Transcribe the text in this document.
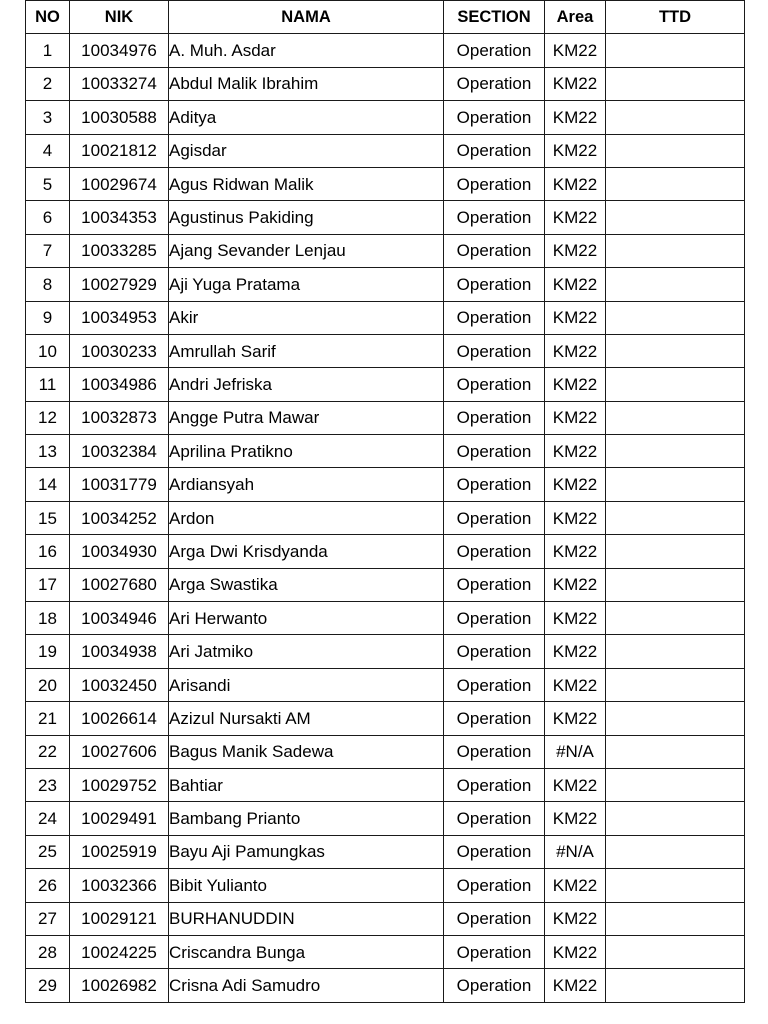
NO	NIK	NAMA	SECTION	Area	TTD
1	10034976	A. Muh. Asdar	Operation	KM22	
2	10033274	Abdul Malik Ibrahim	Operation	KM22	
3	10030588	Aditya	Operation	KM22	
4	10021812	Agisdar	Operation	KM22	
5	10029674	Agus Ridwan Malik	Operation	KM22	
6	10034353	Agustinus Pakiding	Operation	KM22	
7	10033285	Ajang Sevander Lenjau	Operation	KM22	
8	10027929	Aji Yuga Pratama	Operation	KM22	
9	10034953	Akir	Operation	KM22	
10	10030233	Amrullah Sarif	Operation	KM22	
11	10034986	Andri Jefriska	Operation	KM22	
12	10032873	Angge Putra Mawar	Operation	KM22	
13	10032384	Aprilina Pratikno	Operation	KM22	
14	10031779	Ardiansyah	Operation	KM22	
15	10034252	Ardon	Operation	KM22	
16	10034930	Arga Dwi Krisdyanda	Operation	KM22	
17	10027680	Arga Swastika	Operation	KM22	
18	10034946	Ari Herwanto	Operation	KM22	
19	10034938	Ari Jatmiko	Operation	KM22	
20	10032450	Arisandi	Operation	KM22	
21	10026614	Azizul Nursakti AM	Operation	KM22	
22	10027606	Bagus Manik Sadewa	Operation	#N/A	
23	10029752	Bahtiar	Operation	KM22	
24	10029491	Bambang Prianto	Operation	KM22	
25	10025919	Bayu Aji Pamungkas	Operation	#N/A	
26	10032366	Bibit Yulianto	Operation	KM22	
27	10029121	BURHANUDDIN	Operation	KM22	
28	10024225	Criscandra Bunga	Operation	KM22	
29	10026982	Crisna Adi Samudro	Operation	KM22	
